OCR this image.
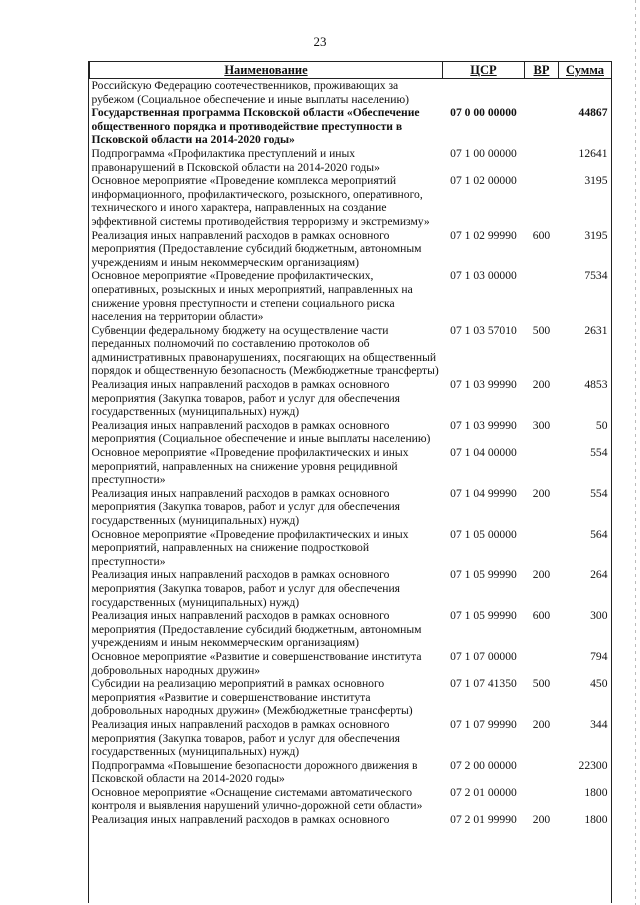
23
Наименование	ЦСР	ВР	Сумма
Российскую Федерацию соотечественников, проживающих за рубежом (Социальное обеспечение и иные выплаты населению)			
Государственная программа Псковской области «Обеспечение общественного порядка и противодействие преступности в Псковской области на 2014-2020 годы»	07 0 00 00000		44867
Подпрограмма «Профилактика преступлений и иных правонарушений в Псковской области на 2014-2020 годы»	07 1 00 00000		12641
Основное мероприятие «Проведение комплекса мероприятий информационного, профилактического, розыскного, оперативного, технического и иного характера, направленных на создание эффективной системы противодействия терроризму и экстремизму»	07 1 02 00000		3195
Реализация иных направлений расходов в рамках основного мероприятия (Предоставление субсидий бюджетным, автономным учреждениям и иным некоммерческим организациям)	07 1 02 99990	600	3195
Основное мероприятие «Проведение профилактических, оперативных, розыскных и иных мероприятий, направленных на снижение уровня преступности и степени социального риска населения на территории области»	07 1 03 00000		7534
Субвенции федеральному бюджету на осуществление части переданных полномочий по составлению протоколов об административных правонарушениях, посягающих на общественный порядок и общественную безопасность (Межбюджетные трансферты)	07 1 03 57010	500	2631
Реализация иных направлений расходов в рамках основного мероприятия (Закупка товаров, работ и услуг для обеспечения государственных (муниципальных) нужд)	07 1 03 99990	200	4853
Реализация иных направлений расходов в рамках основного мероприятия (Социальное обеспечение и иные выплаты населению)	07 1 03 99990	300	50
Основное мероприятие «Проведение профилактических и иных мероприятий, направленных на снижение уровня рецидивной преступности»	07 1 04 00000		554
Реализация иных направлений расходов в рамках основного мероприятия (Закупка товаров, работ и услуг для обеспечения государственных (муниципальных) нужд)	07 1 04 99990	200	554
Основное мероприятие «Проведение профилактических и иных мероприятий, направленных на снижение подростковой преступности»	07 1 05 00000		564
Реализация иных направлений расходов в рамках основного мероприятия (Закупка товаров, работ и услуг для обеспечения государственных (муниципальных) нужд)	07 1 05 99990	200	264
Реализация иных направлений расходов в рамках основного мероприятия (Предоставление субсидий бюджетным, автономным учреждениям и иным некоммерческим организациям)	07 1 05 99990	600	300
Основное мероприятие «Развитие и совершенствование института добровольных народных дружин»	07 1 07 00000		794
Субсидии на реализацию мероприятий в рамках основного мероприятия «Развитие и совершенствование института добровольных народных дружин» (Межбюджетные трансферты)	07 1 07 41350	500	450
Реализация иных направлений расходов в рамках основного мероприятия (Закупка товаров, работ и услуг для обеспечения государственных (муниципальных) нужд)	07 1 07 99990	200	344
Подпрограмма «Повышение безопасности дорожного движения в Псковской области на 2014-2020 годы»	07 2 00 00000		22300
Основное мероприятие «Оснащение системами автоматического контроля и выявления нарушений улично-дорожной сети области»	07 2 01 00000		1800
Реализация иных направлений расходов в рамках основного	07 2 01 99990	200	1800
